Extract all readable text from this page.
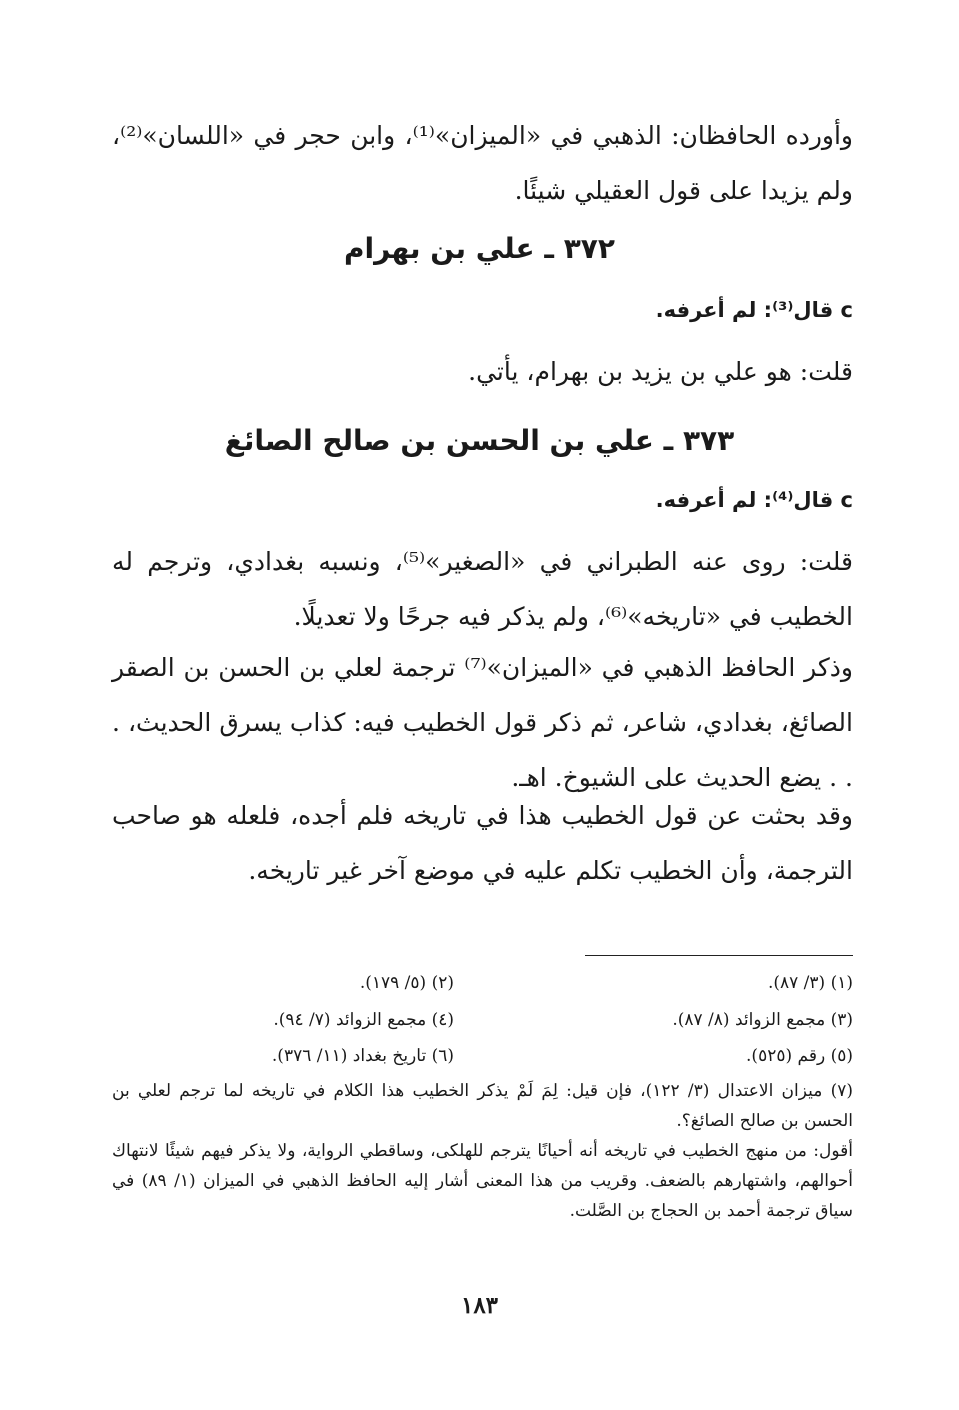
وأورده الحافظان: الذهبي في «الميزان»⁽¹⁾، وابن حجر في «اللسان»⁽²⁾، ولم يزيدا على قول العقيلي شيئًا.

٣٧٢ ـ علي بن بهرام

c قال⁽³⁾: لم أعرفه.

قلت: هو علي بن يزيد بن بهرام، يأتي.

٣٧٣ ـ علي بن الحسن بن صالح الصائغ

c قال⁽⁴⁾: لم أعرفه.

قلت: روى عنه الطبراني في «الصغير»⁽⁵⁾، ونسبه بغدادي، وترجم له الخطيب في «تاريخه»⁽⁶⁾، ولم يذكر فيه جرحًا ولا تعديلًا.

وذكر الحافظ الذهبي في «الميزان»⁽⁷⁾ ترجمة لعلي بن الحسن بن الصقر الصائغ، بغدادي، شاعر، ثم ذكر قول الخطيب فيه: كذاب يسرق الحديث، . . . يضع الحديث على الشيوخ. اهـ.

وقد بحثت عن قول الخطيب هذا في تاريخه فلم أجده، فلعله هو صاحب الترجمة، وأن الخطيب تكلم عليه في موضع آخر غير تاريخه.

(١) (٣/ ٨٧).

(٢) (٥/ ١٧٩).

(٣) مجمع الزوائد (٨/ ٨٧).

(٤) مجمع الزوائد (٧/ ٩٤).

(٥) رقم (٥٢٥).

(٦) تاريخ بغداد (١١/ ٣٧٦).

(٧) ميزان الاعتدال (٣/ ١٢٢)، فإن قيل: لِمَ لَمْ يذكر الخطيب هذا الكلام في تاريخه لما ترجم لعلي بن الحسن بن صالح الصائغ؟.
أقول: من منهج الخطيب في تاريخه أنه أحيانًا يترجم للهلكى، وساقطي الرواية، ولا يذكر فيهم شيئًا لانتهاك أحوالهم، واشتهارهم بالضعف. وقريب من هذا المعنى أشار إليه الحافظ الذهبي في الميزان (١/ ٨٩) في سياق ترجمة أحمد بن الحجاج بن الصَّلت.

١٨٣
